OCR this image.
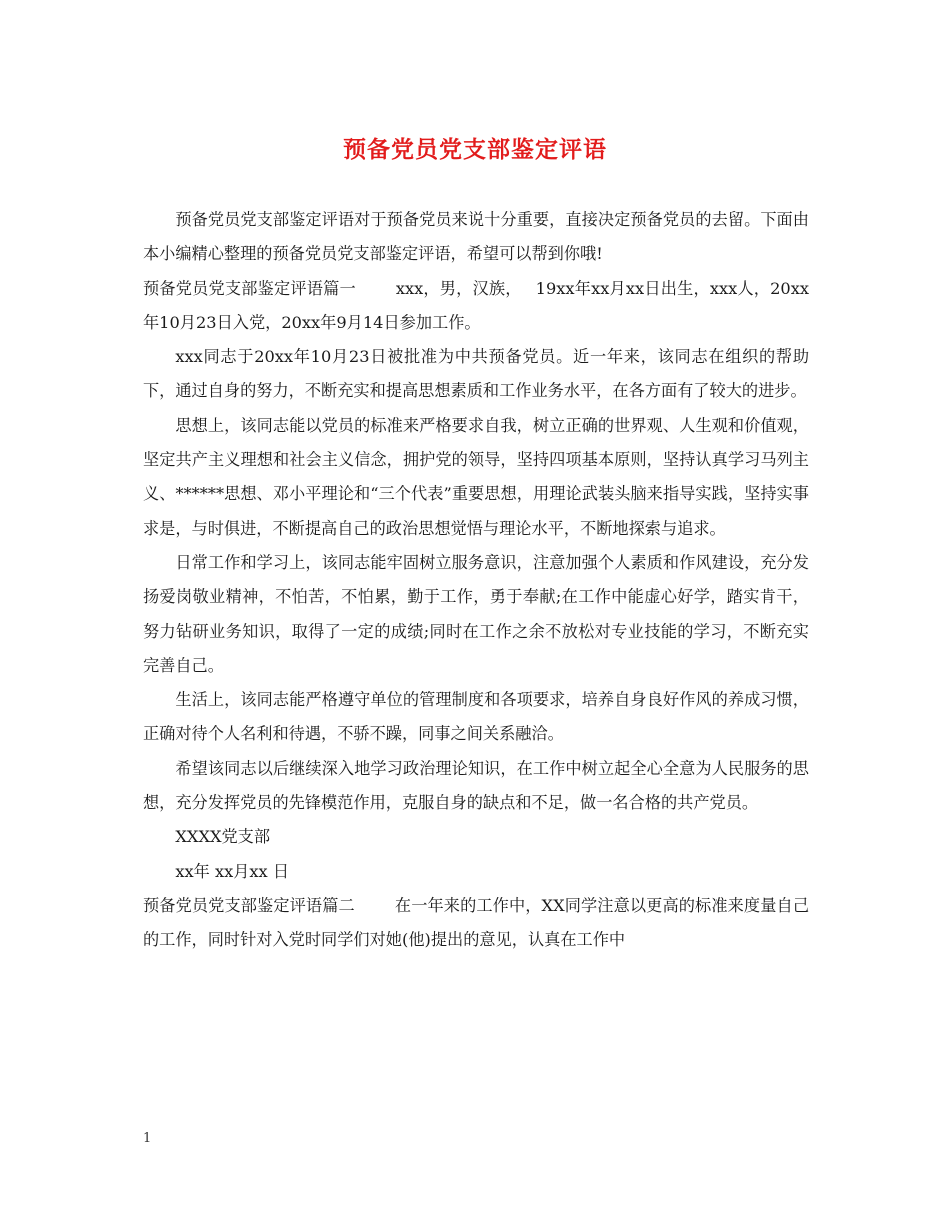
预备党员党支部鉴定评语

预备党员党支部鉴定评语对于预备党员来说十分重要，直接决定预备党员的去留。下面由本小编精心整理的预备党员党支部鉴定评语，希望可以帮到你哦!

预备党员党支部鉴定评语篇一 xxx，男，汉族， 19xx年xx月xx日出生，xxx人，20xx年10月23日入党，20xx年9月14日参加工作。

xxx同志于20xx年10月23日被批准为中共预备党员。近一年来，该同志在组织的帮助下，通过自身的努力，不断充实和提高思想素质和工作业务水平，在各方面有了较大的进步。

思想上，该同志能以党员的标准来严格要求自我，树立正确的世界观、人生观和价值观，坚定共产主义理想和社会主义信念，拥护党的领导，坚持四项基本原则，坚持认真学习马列主义、******思想、邓小平理论和“三个代表”重要思想，用理论武装头脑来指导实践，坚持实事求是，与时俱进，不断提高自己的政治思想觉悟与理论水平，不断地探索与追求。

日常工作和学习上，该同志能牢固树立服务意识，注意加强个人素质和作风建设，充分发扬爱岗敬业精神，不怕苦，不怕累，勤于工作，勇于奉献;在工作中能虚心好学，踏实肯干，努力钻研业务知识，取得了一定的成绩;同时在工作之余不放松对专业技能的学习，不断充实完善自己。

生活上，该同志能严格遵守单位的管理制度和各项要求，培养自身良好作风的养成习惯，正确对待个人名利和待遇，不骄不躁，同事之间关系融洽。

希望该同志以后继续深入地学习政治理论知识，在工作中树立起全心全意为人民服务的思想，充分发挥党员的先锋模范作用，克服自身的缺点和不足，做一名合格的共产党员。

XXXX党支部

xx年 xx月xx 日

预备党员党支部鉴定评语篇二 在一年来的工作中，XX同学注意以更高的标准来度量自己的工作，同时针对入党时同学们对她(他)提出的意见，认真在工作中

1
